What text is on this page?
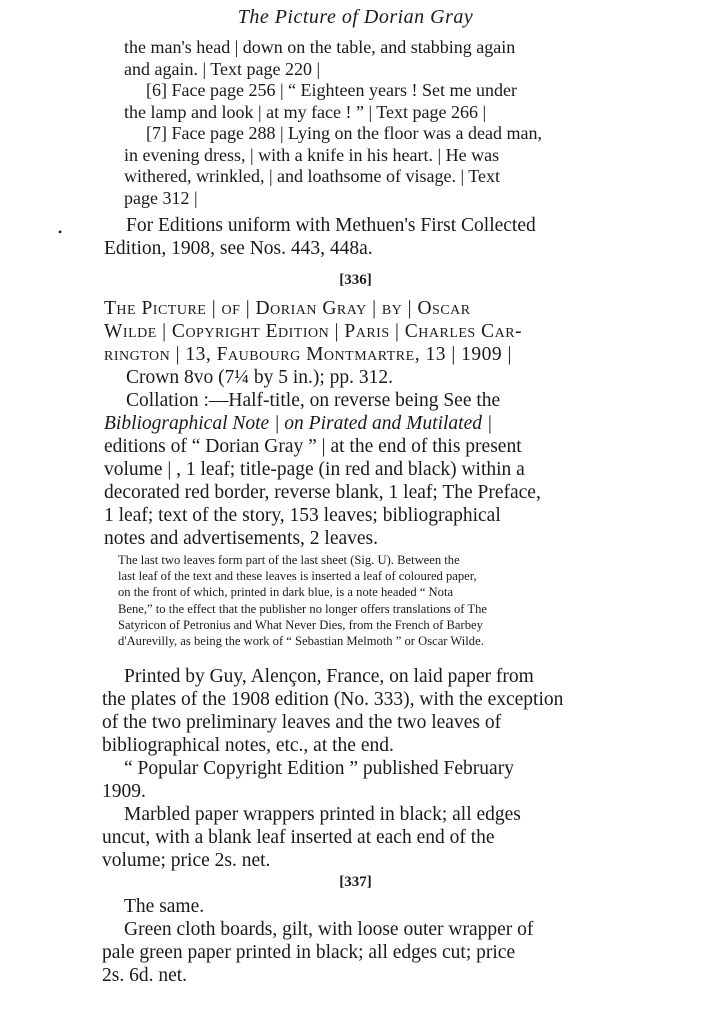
The Picture of Dorian Gray
the man's head | down on the table, and stabbing again
and again. | Text page 220 |
[6] Face page 256 | “ Eighteen years ! Set me under
the lamp and look | at my face ! ” | Text page 266 |
[7] Face page 288 | Lying on the floor was a dead man,
in evening dress, | with a knife in his heart. | He was
withered, wrinkled, | and loathsome of visage. | Text
page 312 |
•	For Editions uniform with Methuen's First Collected
Edition, 1908, see Nos. 443, 448a.
[336]
The Picture | of | Dorian Gray | by | Oscar
Wilde | Copyright Edition | Paris | Charles Car-
rington | 13, Faubourg Montmartre, 13 | 1909 |
Crown 8vo (7¼ by 5 in.); pp. 312.
Collation :—Half-title, on reverse being See the
Bibliographical Note | on Pirated and Mutilated |
editions of “ Dorian Gray ” | at the end of this present
volume | , 1 leaf; title-page (in red and black) within a
decorated red border, reverse blank, 1 leaf; The Preface,
1 leaf; text of the story, 153 leaves; bibliographical
notes and advertisements, 2 leaves.
The last two leaves form part of the last sheet (Sig. U). Between the
last leaf of the text and these leaves is inserted a leaf of coloured paper,
on the front of which, printed in dark blue, is a note headed “ Nota
Bene,” to the effect that the publisher no longer offers translations of The
Satyricon of Petronius and What Never Dies, from the French of Barbey
d'Aurevilly, as being the work of “ Sebastian Melmoth ” or Oscar Wilde.
Printed by Guy, Alençon, France, on laid paper from
the plates of the 1908 edition (No. 333), with the exception
of the two preliminary leaves and the two leaves of
bibliographical notes, etc., at the end.
“ Popular Copyright Edition ” published February
1909.
Marbled paper wrappers printed in black; all edges
uncut, with a blank leaf inserted at each end of the
volume; price 2s. net.
[337]
The same.
Green cloth boards, gilt, with loose outer wrapper of
pale green paper printed in black; all edges cut; price
2s. 6d. net.
